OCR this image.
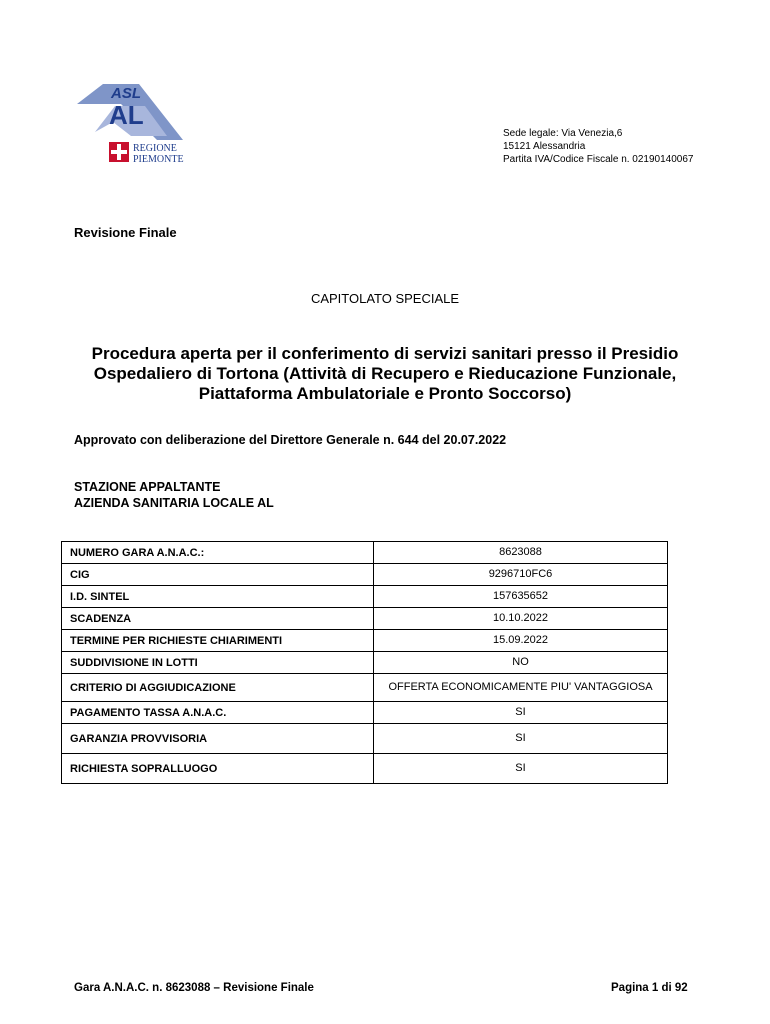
ASL
AL
REGIONE
PIEMONTE
Sede legale: Via Venezia,6
15121 Alessandria
Partita IVA/Codice Fiscale n. 02190140067
Revisione Finale
CAPITOLATO SPECIALE
Procedura aperta per il conferimento di servizi sanitari presso il Presidio Ospedaliero di Tortona (Attività di Recupero e Rieducazione Funzionale, Piattaforma Ambulatoriale e Pronto Soccorso)
Approvato con deliberazione del Direttore Generale n. 644 del 20.07.2022
STAZIONE APPALTANTE
AZIENDA SANITARIA LOCALE AL
NUMERO GARA A.N.A.C.:	8623088
CIG	9296710FC6
I.D. SINTEL	157635652
SCADENZA	10.10.2022
TERMINE PER RICHIESTE CHIARIMENTI	15.09.2022
SUDDIVISIONE IN LOTTI	NO
CRITERIO DI AGGIUDICAZIONE	OFFERTA ECONOMICAMENTE PIU' VANTAGGIOSA
PAGAMENTO TASSA A.N.A.C.	SI
GARANZIA PROVVISORIA	SI
RICHIESTA SOPRALLUOGO	SI
Gara A.N.A.C. n. 8623088 – Revisione Finale	Pagina 1 di 92
